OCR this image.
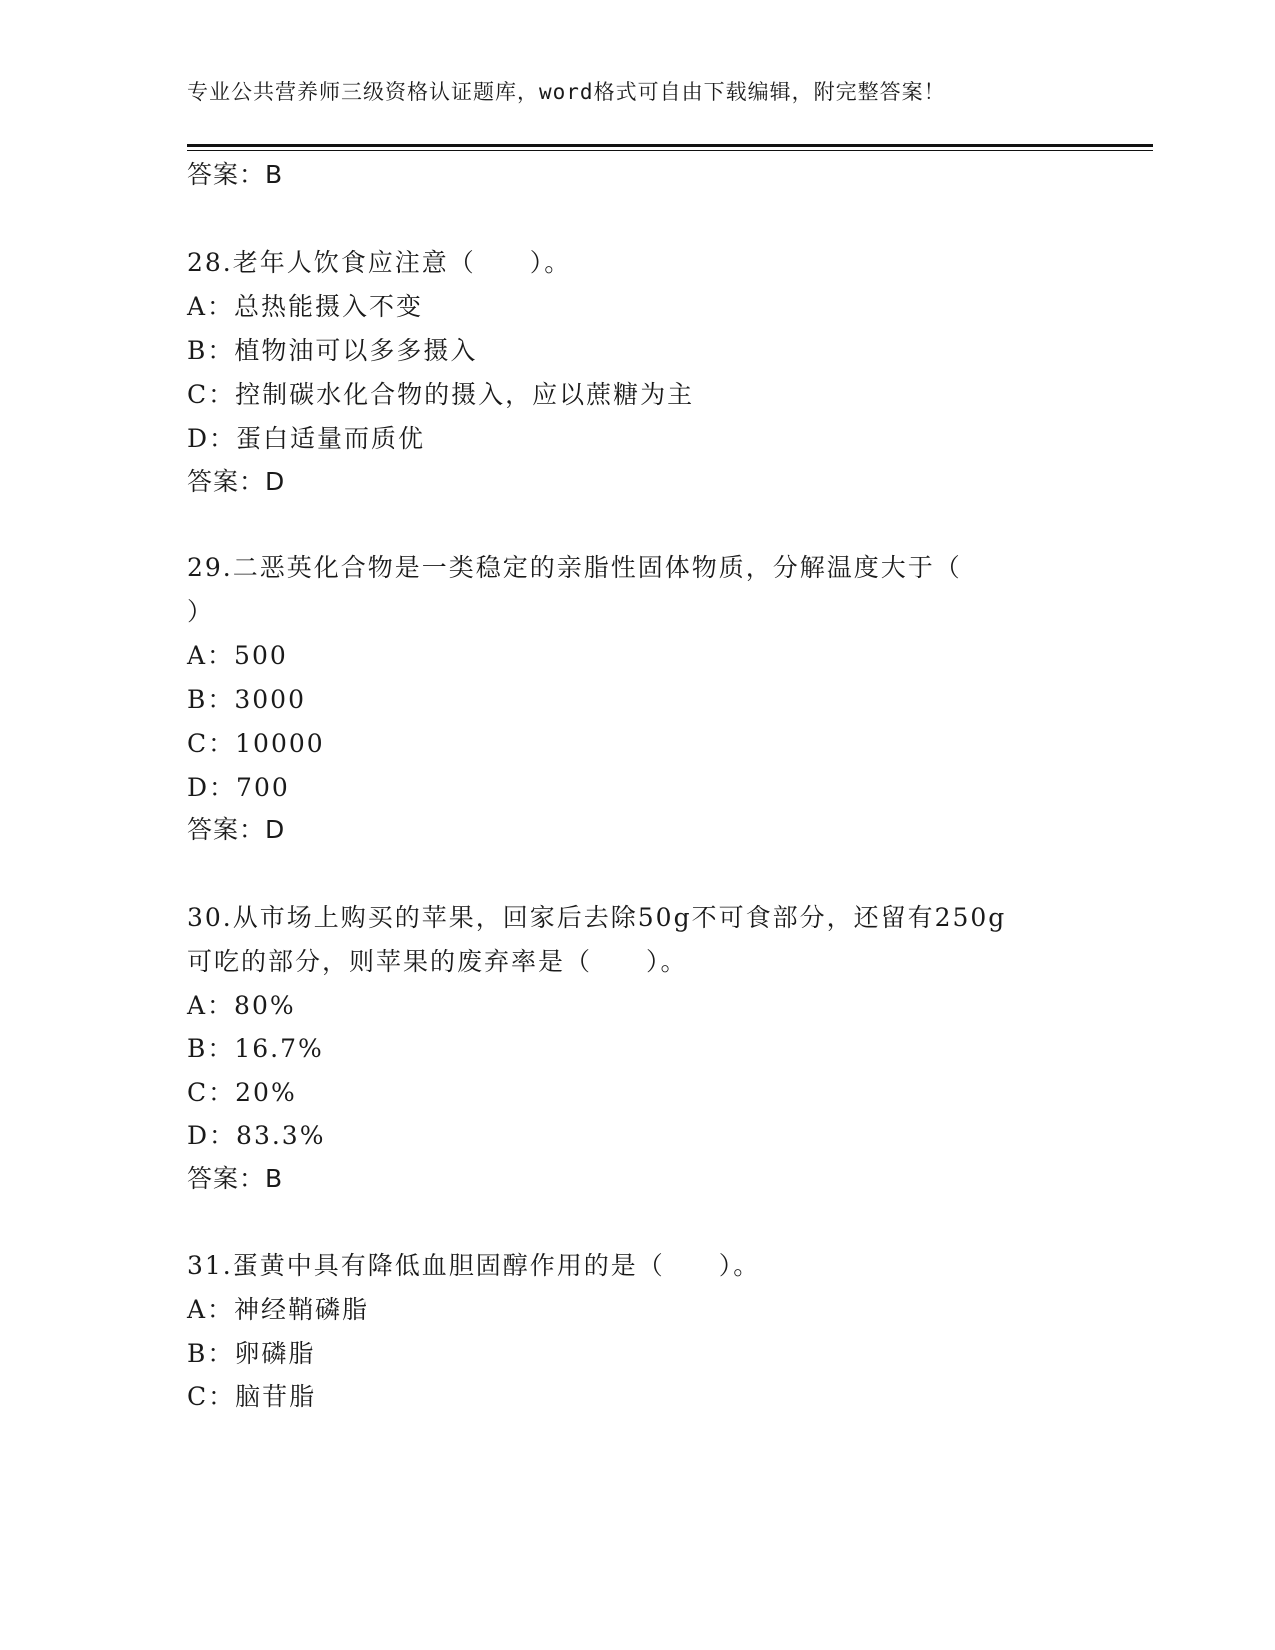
专业公共营养师三级资格认证题库，word格式可自由下载编辑，附完整答案！
答案：B
28.老年人饮食应注意（　　）。
A：总热能摄入不变
B：植物油可以多多摄入
C：控制碳水化合物的摄入，应以蔗糖为主
D：蛋白适量而质优
答案：D
29.二恶英化合物是一类稳定的亲脂性固体物质，分解温度大于（
）
A：500
B：3000
C：10000
D：700
答案：D
30.从市场上购买的苹果，回家后去除50g不可食部分，还留有250g
可吃的部分，则苹果的废弃率是（　　）。
A：80%
B：16.7%
C：20%
D：83.3%
答案：B
31.蛋黄中具有降低血胆固醇作用的是（　　）。
A：神经鞘磷脂
B：卵磷脂
C：脑苷脂
